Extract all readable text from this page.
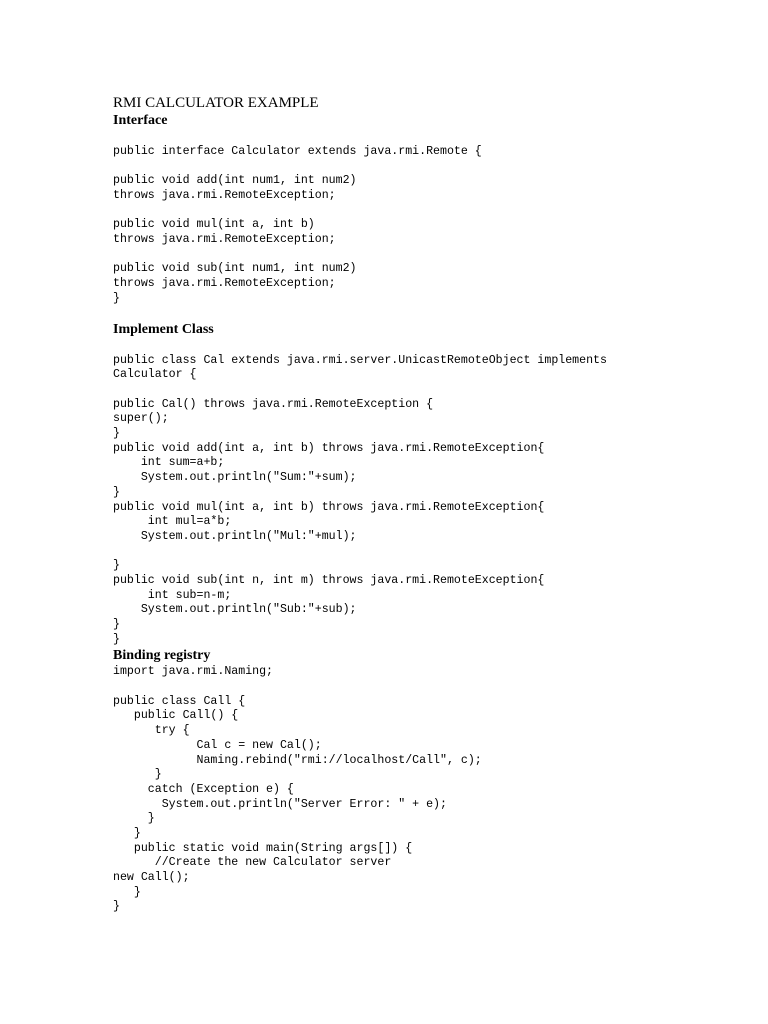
RMI CALCULATOR EXAMPLE
Interface
public interface Calculator extends java.rmi.Remote {
public void add(int num1, int num2)
throws java.rmi.RemoteException;
public void mul(int a, int b)
throws java.rmi.RemoteException;
public void sub(int num1, int num2)
throws java.rmi.RemoteException;
}
Implement Class
public class Cal extends java.rmi.server.UnicastRemoteObject implements
Calculator {
public Cal() throws java.rmi.RemoteException {
super();
}
public void add(int a, int b) throws java.rmi.RemoteException{
int sum=a+b;
System.out.println("Sum:"+sum);
}
public void mul(int a, int b) throws java.rmi.RemoteException{
int mul=a*b;
System.out.println("Mul:"+mul);
}
public void sub(int n, int m) throws java.rmi.RemoteException{
int sub=n-m;
System.out.println("Sub:"+sub);
}
}
Binding registry
import java.rmi.Naming;
public class Call {
public Call() {
try {
Cal c = new Cal();
Naming.rebind("rmi://localhost/Call", c);
}
catch (Exception e) {
System.out.println("Server Error: " + e);
}
}
public static void main(String args[]) {
//Create the new Calculator server
new Call();
}
}
